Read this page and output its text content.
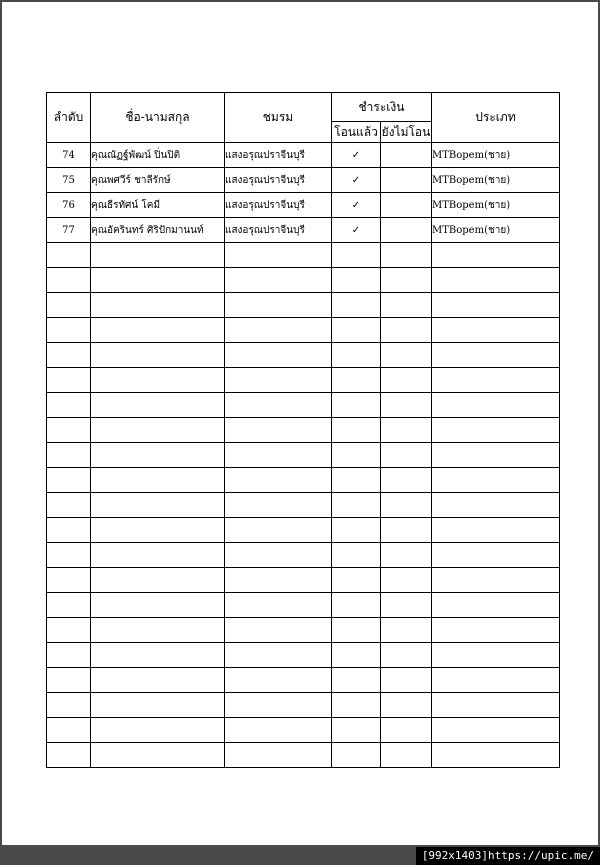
ลำดับ	ชื่อ-นามสกุล	ชมรม	ชำระเงิน		ประเภท
			โอนแล้ว	ยังไม่โอน	
74	คุณณัฏฐ์พัฒน์ ปิ่นปิติ	แสงอรุณปราจีนบุรี	✓		MTBopem(ชาย)
75	คุณพศวีร์ ชาลีรักษ์	แสงอรุณปราจีนบุรี	✓		MTBopem(ชาย)
76	คุณธีรทัศน์ โคมี	แสงอรุณปราจีนบุรี	✓		MTBopem(ชาย)
77	คุณอัครินทร์ ศิริปักมานนท์	แสงอรุณปราจีนบุรี	✓		MTBopem(ชาย)

[992x1403]https://upic.me/
